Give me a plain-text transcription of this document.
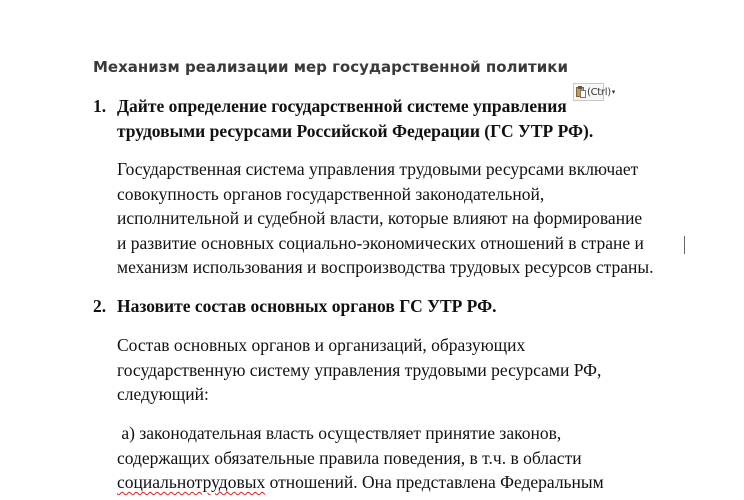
Механизм реализации мер государственной политики
(Ctrl) ▾
1. Дайте определение государственной системе управления
трудовыми ресурсами Российской Федерации (ГС УТР РФ).
Государственная система управления трудовыми ресурсами включает
совокупность органов государственной законодательной,
исполнительной и судебной власти, которые влияют на формирование
и развитие основных социально-экономических отношений в стране и
механизм использования и воспроизводства трудовых ресурсов страны.
2. Назовите состав основных органов ГС УТР РФ.
Состав основных органов и организаций, образующих
государственную систему управления трудовыми ресурсами РФ,
следующий:
а) законодательная власть осуществляет принятие законов,
содержащих обязательные правила поведения, в т.ч. в области
социальнотрудовых отношений. Она представлена Федеральным
